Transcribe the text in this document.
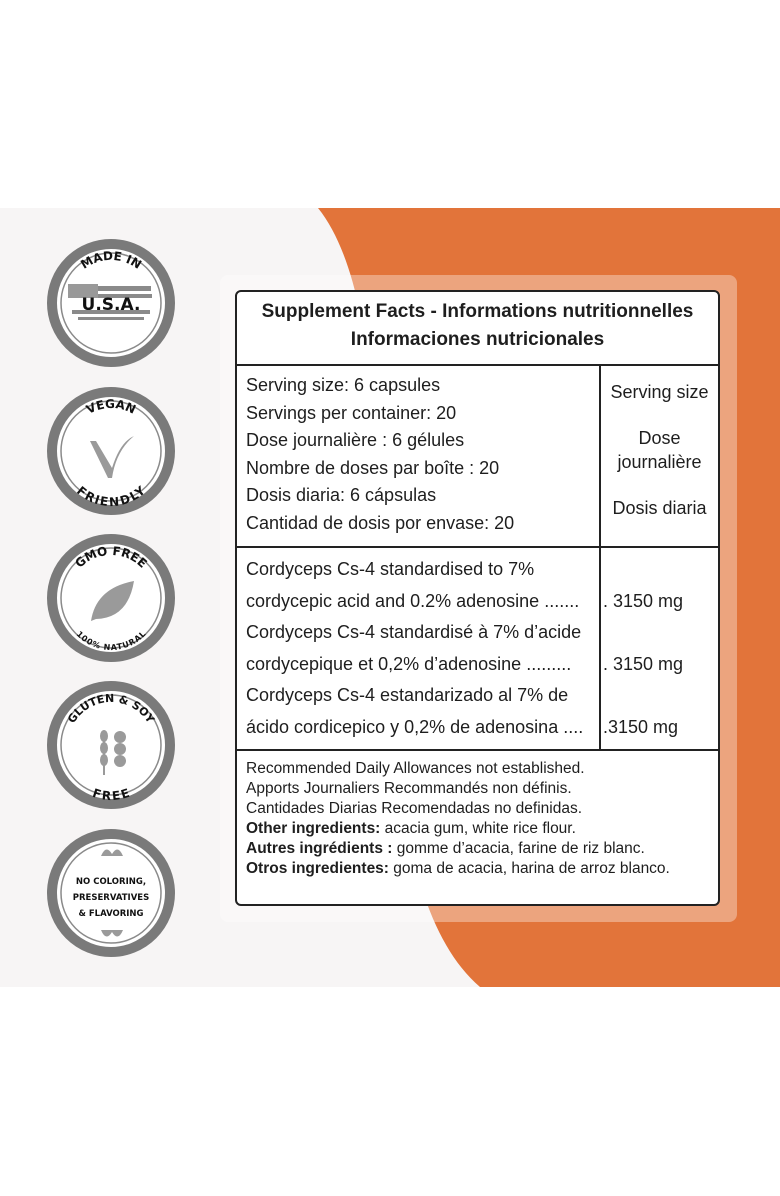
MADE IN
U.S.A.
VEGAN
FRIENDLY
GMO FREE
100% NATURAL
GLUTEN & SOY
FREE
NO COLORING,
PRESERVATIVES
& FLAVORING
Supplement Facts - Informations nutritionnelles
Informaciones nutricionales
Serving size: 6 capsules
Servings per container: 20
Dose journalière : 6 gélules
Nombre de doses par boîte : 20
Dosis diaria: 6 cápsulas
Cantidad de dosis por envase: 20
Serving size
Dose
journalière
Dosis diaria
Cordyceps Cs-4 standardised to 7%
cordycepic acid and 0.2% adenosine .......
Cordyceps Cs-4 standardisé à 7% d’acide
cordycepique et 0,2% d’adenosine .........
Cordyceps Cs-4 estandarizado al 7% de
ácido cordicepico y 0,2% de adenosina ....

. 3150 mg

. 3150 mg

.3150 mg
Recommended Daily Allowances not established.
Apports Journaliers Recommandés non définis.
Cantidades Diarias Recomendadas no definidas.
Other ingredients: acacia gum, white rice flour.
Autres ingrédients : gomme d’acacia, farine de riz blanc.
Otros ingredientes: goma de acacia, harina de arroz blanco.
